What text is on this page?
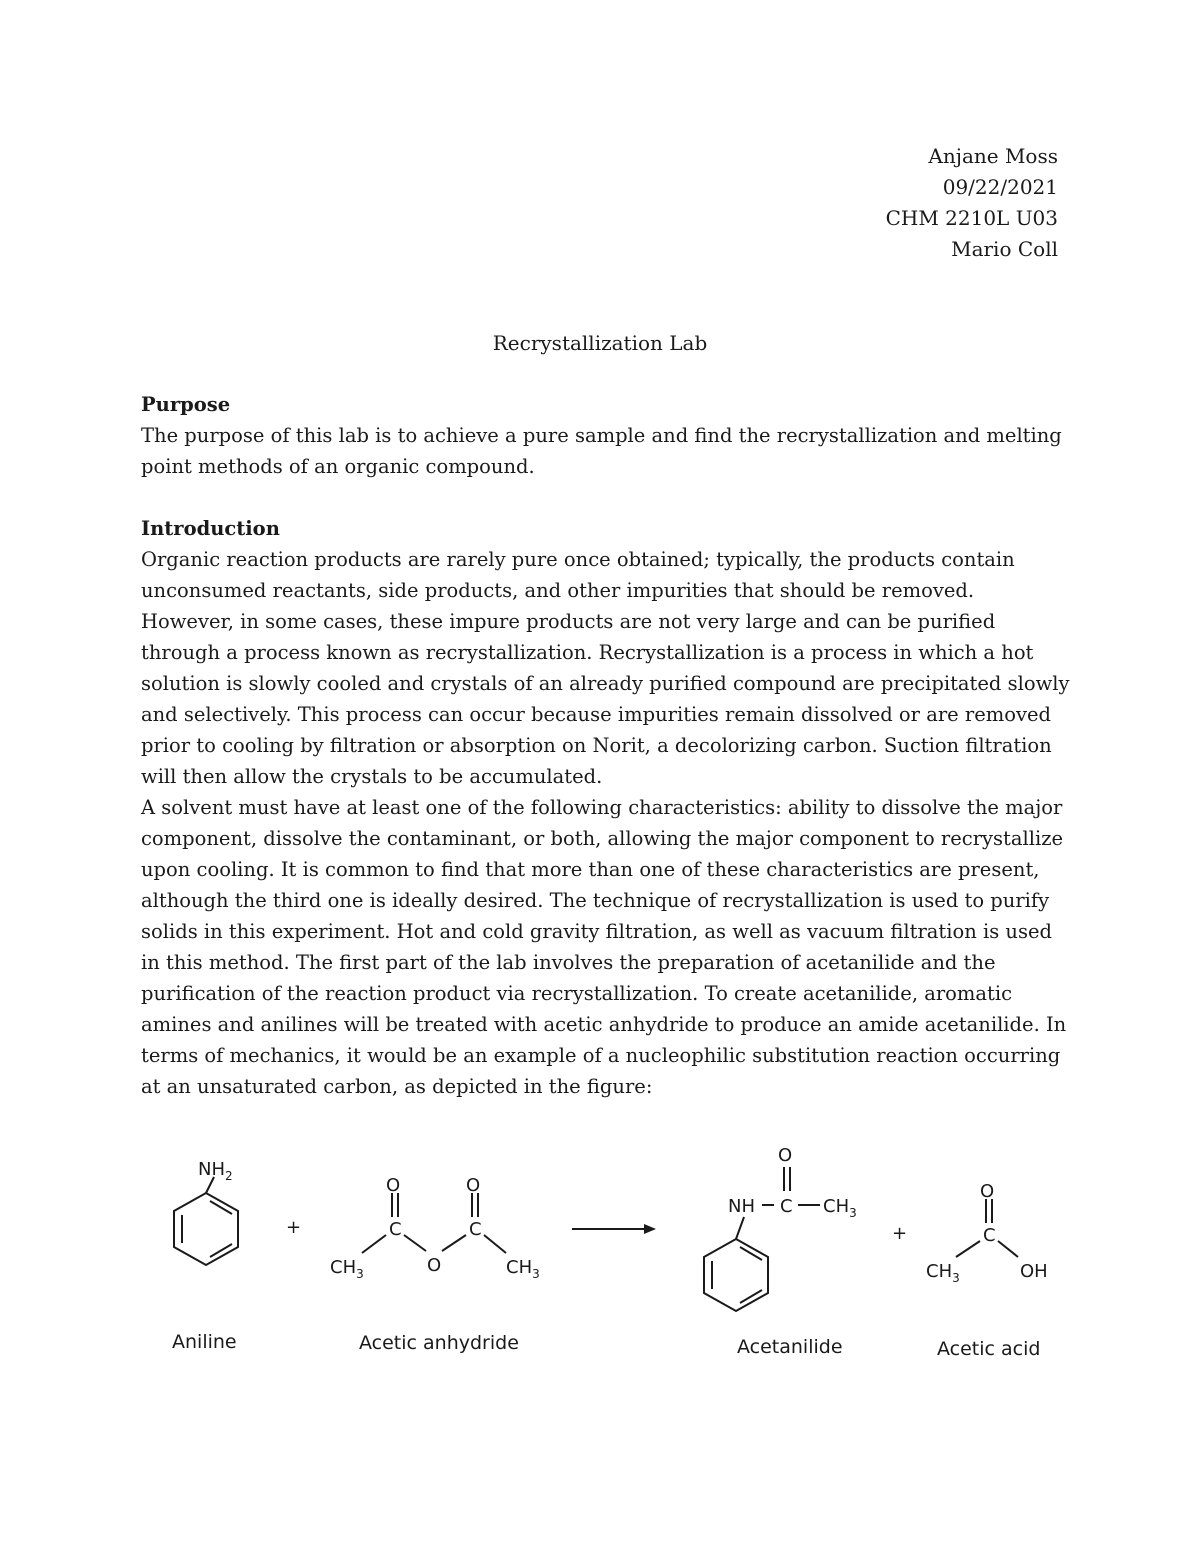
Anjane Moss
09/22/2021
CHM 2210L U03
Mario Coll
Recrystallization Lab
Purpose
The purpose of this lab is to achieve a pure sample and find the recrystallization and melting point methods of an organic compound.
Introduction
Organic reaction products are rarely pure once obtained; typically, the products contain unconsumed reactants, side products, and other impurities that should be removed. However, in some cases, these impure products are not very large and can be purified through a process known as recrystallization. Recrystallization is a process in which a hot solution is slowly cooled and crystals of an already purified compound are precipitated slowly and selectively. This process can occur because impurities remain dissolved or are removed prior to cooling by filtration or absorption on Norit, a decolorizing carbon. Suction filtration will then allow the crystals to be accumulated.
A solvent must have at least one of the following characteristics: ability to dissolve the major component, dissolve the contaminant, or both, allowing the major component to recrystallize upon cooling. It is common to find that more than one of these characteristics are present, although the third one is ideally desired. The technique of recrystallization is used to purify solids in this experiment. Hot and cold gravity filtration, as well as vacuum filtration is used in this method. The first part of the lab involves the preparation of acetanilide and the purification of the reaction product via recrystallization. To create acetanilide, aromatic amines and anilines will be treated with acetic anhydride to produce an amide acetanilide. In terms of mechanics, it would be an example of a nucleophilic substitution reaction occurring at an unsaturated carbon, as depicted in the figure:
$NH_2$
Aniline
+
O	O
C	C
O
$CH_3$	$CH_3$
Acetic anhydride
O
NH C $CH_3$
Acetanilide
+
O
C
$CH_3$	OH
Acetic acid
